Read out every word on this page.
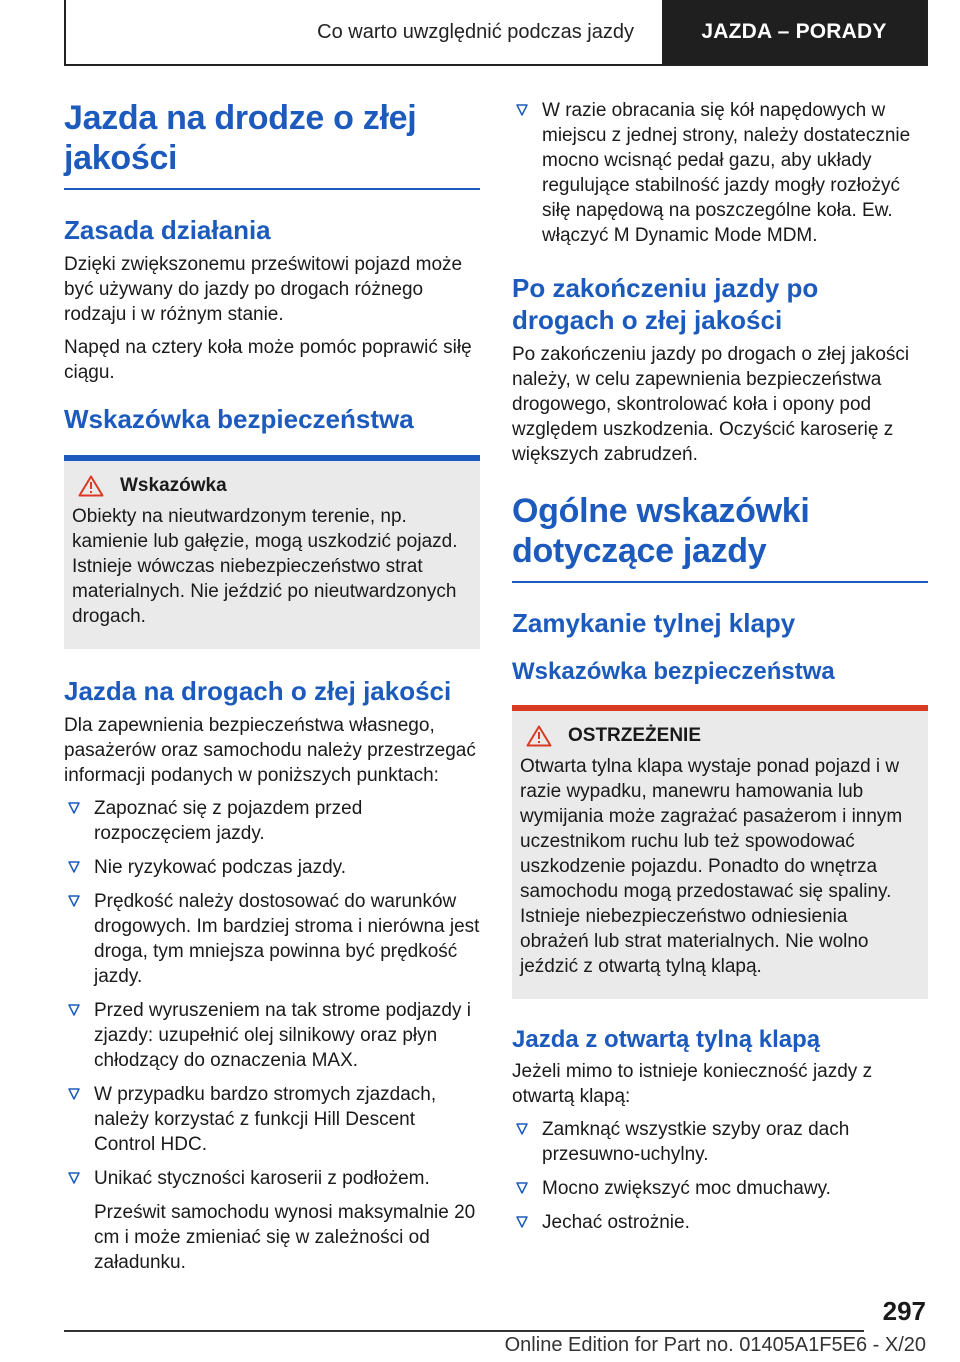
Co warto uwzględnić podczas jazdy	JAZDA – PORADY
Jazda na drodze o złej jakości
Zasada działania

Dzięki zwiększonemu prześwitowi pojazd może być używany do jazdy po drogach różnego rodzaju i w różnym stanie.

Napęd na cztery koła może pomóc poprawić siłę ciągu.

Wskazówka bezpieczeństwa
Wskazówka

Obiekty na nieutwardzonym terenie, np. kamienie lub gałęzie, mogą uszkodzić pojazd. Istnieje wówczas niebezpieczeństwo strat materialnych. Nie jeździć po nieutwardzonych drogach.

Jazda na drogach o złej jakości

Dla zapewnienia bezpieczeństwa własnego, pasażerów oraz samochodu należy przestrzegać informacji podanych w poniższych punktach:

Zapoznać się z pojazdem przed rozpoczęciem jazdy.
Nie ryzykować podczas jazdy.
Prędkość należy dostosować do warunków drogowych. Im bardziej stroma i nierówna jest droga, tym mniejsza powinna być prędkość jazdy.
Przed wyruszeniem na tak strome podjazdy i zjazdy: uzupełnić olej silnikowy oraz płyn chłodzący do oznaczenia MAX.
W przypadku bardzo stromych zjazdach, należy korzystać z funkcji Hill Descent Control HDC.
Unikać styczności karoserii z podłożem.

Prześwit samochodu wynosi maksymalnie 20 cm i może zmieniać się w zależności od załadunku.

W razie obracania się kół napędowych w miejscu z jednej strony, należy dostatecznie mocno wcisnąć pedał gazu, aby układy regulujące stabilność jazdy mogły rozłożyć siłę napędową na poszczególne koła. Ew. włączyć M Dynamic Mode MDM.
Po zakończeniu jazdy po drogach o złej jakości

Po zakończeniu jazdy po drogach o złej jakości należy, w celu zapewnienia bezpieczeństwa drogowego, skontrolować koła i opony pod względem uszkodzenia. Oczyścić karoserię z większych zabrudzeń.

Ogólne wskazówki dotyczące jazdy
Zamykanie tylnej klapy
Wskazówka bezpieczeństwa
OSTRZEŻENIE

Otwarta tylna klapa wystaje ponad pojazd i w razie wypadku, manewru hamowania lub wymijania może zagrażać pasażerom i innym uczestnikom ruchu lub też spowodować uszkodzenie pojazdu. Ponadto do wnętrza samochodu mogą przedostawać się spaliny. Istnieje niebezpieczeństwo odniesienia obrażeń lub strat materialnych. Nie wolno jeździć z otwartą tylną klapą.

Jazda z otwartą tylną klapą

Jeżeli mimo to istnieje konieczność jazdy z otwartą klapą:

Zamknąć wszystkie szyby oraz dach przesuwno-uchylny.
Mocno zwiększyć moc dmuchawy.
Jechać ostrożnie.
297
Online Edition for Part no. 01405A1F5E6 - X/20
